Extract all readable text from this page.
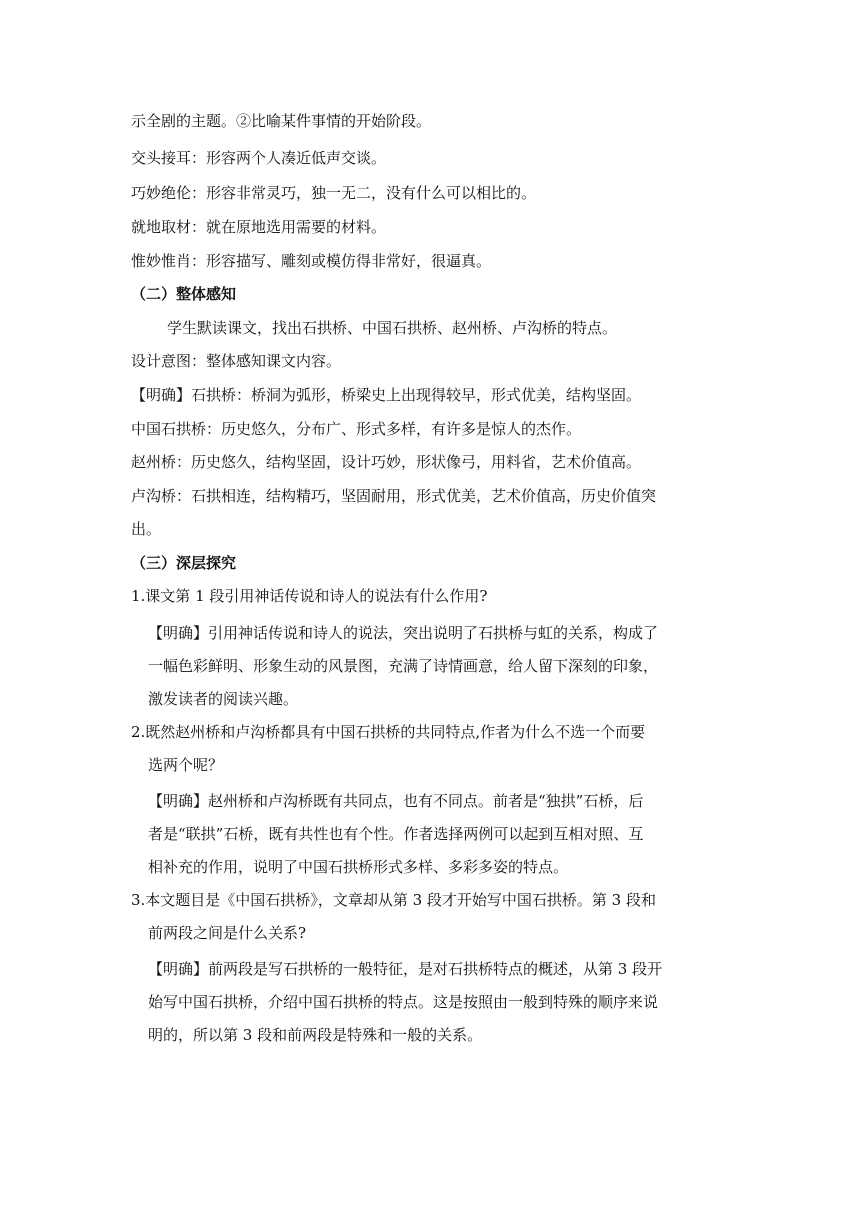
示全剧的主题。②比喻某件事情的开始阶段。
交头接耳：形容两个人凑近低声交谈。
巧妙绝伦：形容非常灵巧，独一无二，没有什么可以相比的。
就地取材：就在原地选用需要的材料。
惟妙惟肖：形容描写、雕刻或模仿得非常好，很逼真。
（二）整体感知
学生默读课文，找出石拱桥、中国石拱桥、赵州桥、卢沟桥的特点。
设计意图：整体感知课文内容。
【明确】石拱桥：桥洞为弧形，桥梁史上出现得较早，形式优美，结构坚固。
中国石拱桥：历史悠久，分布广、形式多样，有许多是惊人的杰作。
赵州桥：历史悠久，结构坚固，设计巧妙，形状像弓，用料省，艺术价值高。
卢沟桥：石拱相连，结构精巧，坚固耐用，形式优美，艺术价值高，历史价值突
出。
（三）深层探究
1.课文第 1 段引用神话传说和诗人的说法有什么作用?
【明确】引用神话传说和诗人的说法，突出说明了石拱桥与虹的关系，构成了
一幅色彩鲜明、形象生动的风景图，充满了诗情画意，给人留下深刻的印象，
激发读者的阅读兴趣。
2.既然赵州桥和卢沟桥都具有中国石拱桥的共同特点,作者为什么不选一个而要
选两个呢？
【明确】赵州桥和卢沟桥既有共同点，也有不同点。前者是“独拱”石桥，后
者是“联拱”石桥，既有共性也有个性。作者选择两例可以起到互相对照、互
相补充的作用，说明了中国石拱桥形式多样、多彩多姿的特点。
3.本文题目是《中国石拱桥》，文章却从第 3 段才开始写中国石拱桥。第 3 段和
前两段之间是什么关系?
【明确】前两段是写石拱桥的一般特征，是对石拱桥特点的概述，从第 3 段开
始写中国石拱桥，介绍中国石拱桥的特点。这是按照由一般到特殊的顺序来说
明的，所以第 3 段和前两段是特殊和一般的关系。
